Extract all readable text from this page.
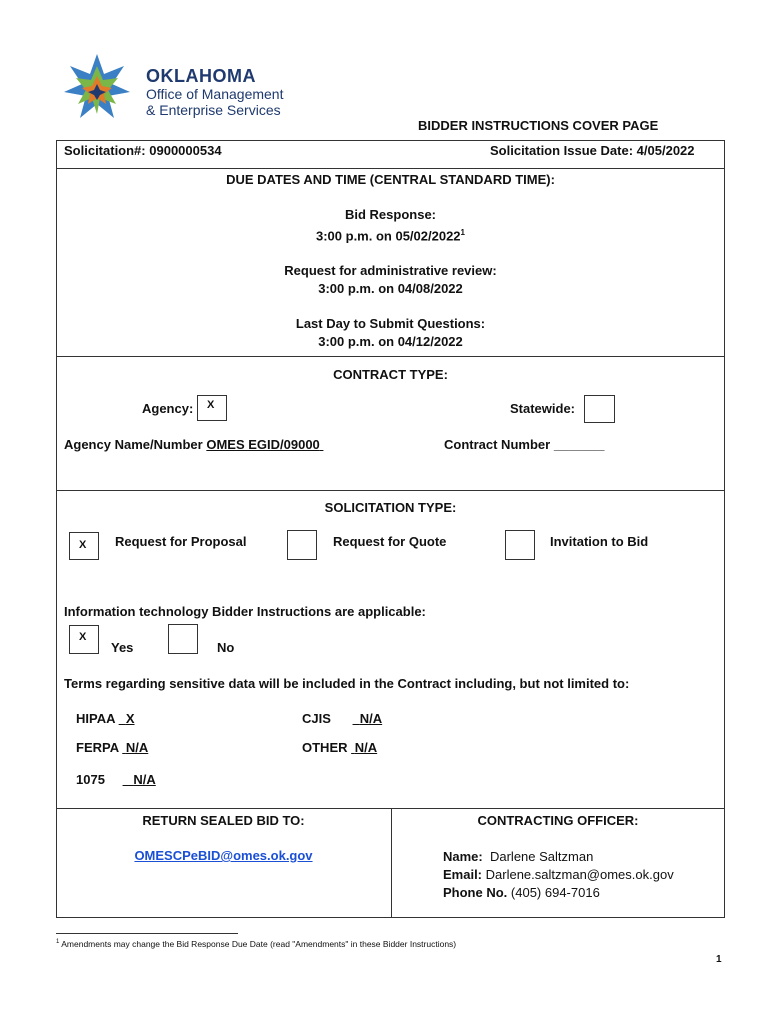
OKLAHOMA
Office of Management
& Enterprise Services
BIDDER INSTRUCTIONS COVER PAGE
Solicitation#: 0900000534	Solicitation Issue Date: 4/05/2022
DUE DATES AND TIME (CENTRAL STANDARD TIME):
Bid Response:
3:00 p.m. on 05/02/2022$^1$
Request for administrative review:
3:00 p.m. on 04/08/2022
Last Day to Submit Questions:
3:00 p.m. on 04/12/2022
CONTRACT TYPE:
Agency:	X	Statewide:
Agency Name/Number OMES EGID/09000	Contract Number _______
SOLICITATION TYPE:
X	Request for Proposal	Request for Quote	Invitation to Bid
Information technology Bidder Instructions are applicable:
X
Yes	No
Terms regarding sensitive data will be included in the Contract including, but not limited to:
HIPAA X	CJIS N/A
FERPA N/A	OTHER N/A
1075 N/A
RETURN SEALED BID TO:
OMESCPeBID@omes.ok.gov
CONTRACTING OFFICER:
Name: Darlene Saltzman
Email: Darlene.saltzman@omes.ok.gov
Phone No. (405) 694-7016
$^1$ Amendments may change the Bid Response Due Date (read "Amendments" in these Bidder Instructions)
1
